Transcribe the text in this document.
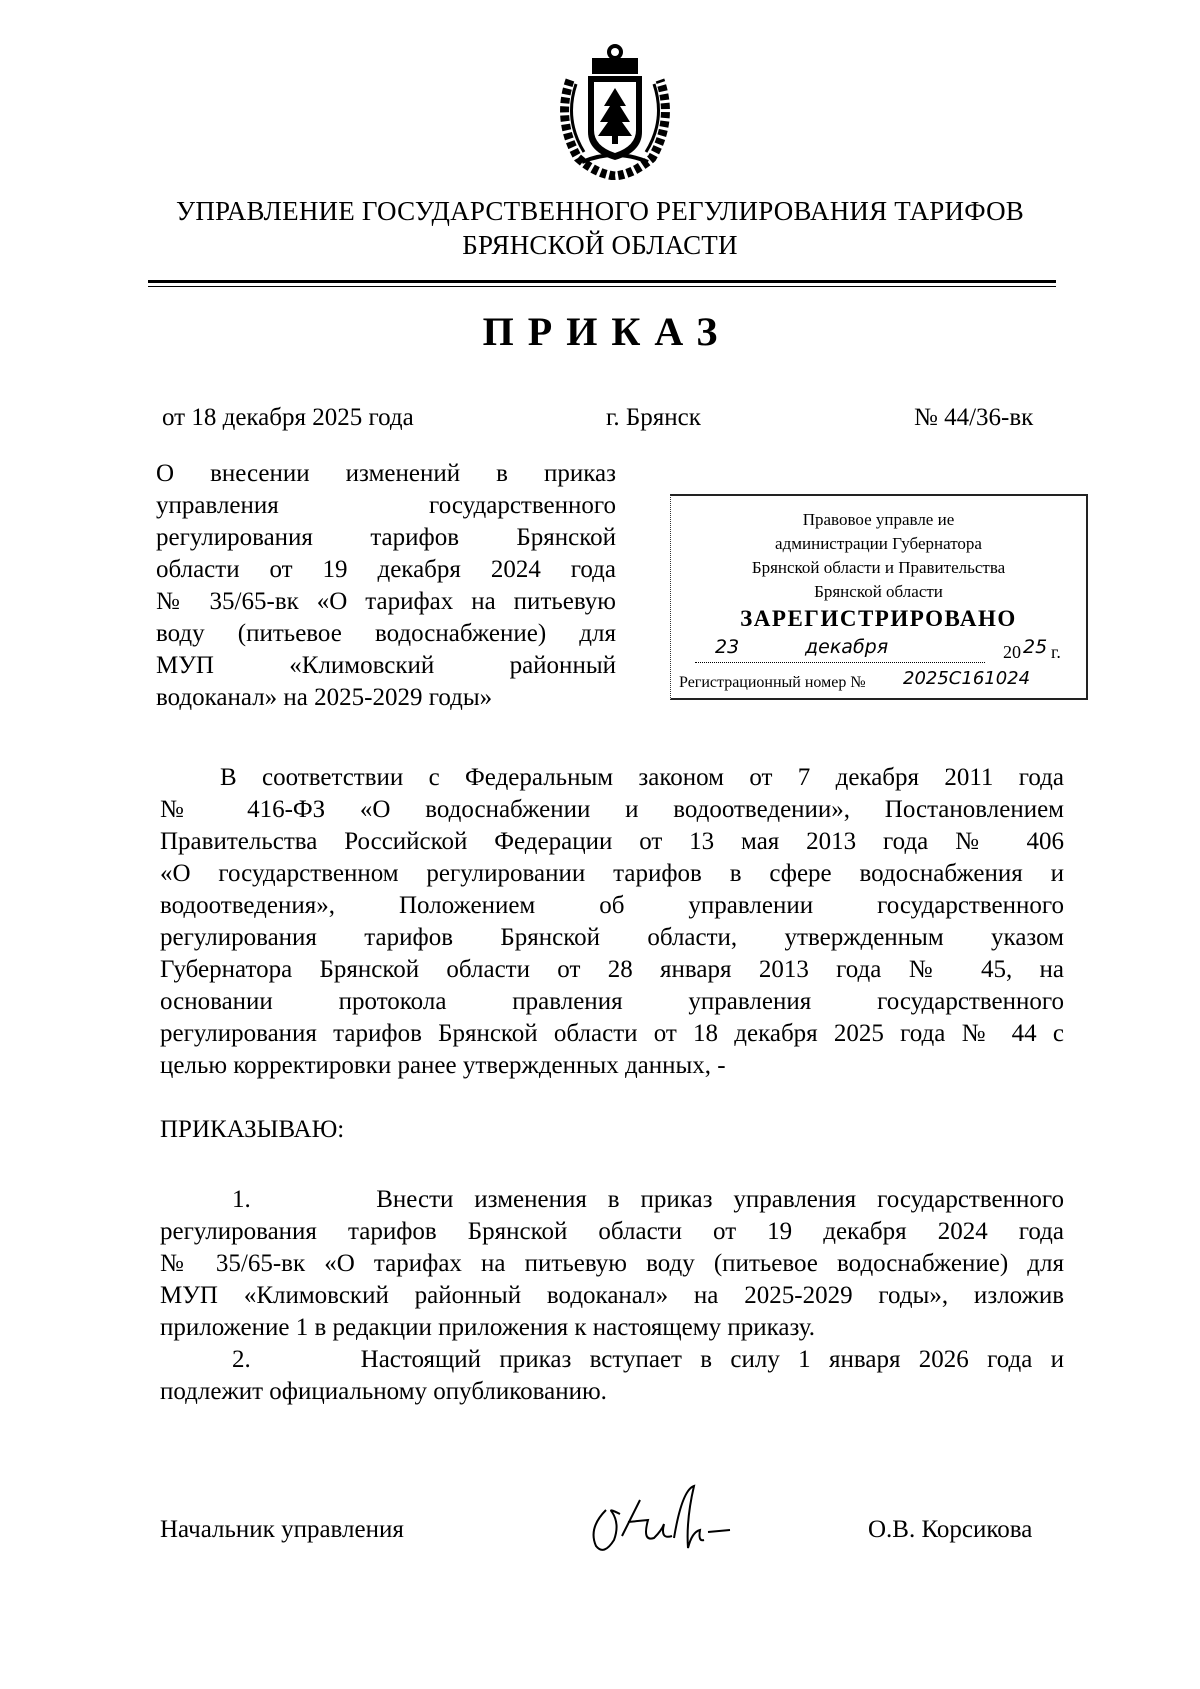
УПРАВЛЕНИЕ ГОСУДАРСТВЕННОГО РЕГУЛИРОВАНИЯ ТАРИФОВ
БРЯНСКОЙ ОБЛАСТИ
ПРИКАЗ
от 18 декабря 2025 года	г. Брянск	№ 44/36-вк
О внесении изменений в приказ
управления государственного
регулирования тарифов Брянской
области от 19 декабря 2024 года
№ 35/65-вк «О тарифах на питьевую
воду (питьевое водоснабжение) для
МУП «Климовский районный
водоканал» на 2025-2029 годы»
Правовое управле ие
администрации Губернатора
Брянской области и Правительства
Брянской области
ЗАРЕГИСТРИРОВАНО
23	декабря	20 25 г.
Регистрационный номер № 2025С161024
В соответствии с Федеральным законом от 7 декабря 2011 года
№ 416-ФЗ «О водоснабжении и водоотведении», Постановлением
Правительства Российской Федерации от 13 мая 2013 года № 406
«О государственном регулировании тарифов в сфере водоснабжения и
водоотведения», Положением об управлении государственного
регулирования тарифов Брянской области, утвержденным указом
Губернатора Брянской области от 28 января 2013 года № 45, на
основании протокола правления управления государственного
регулирования тарифов Брянской области от 18 декабря 2025 года № 44 с
целью корректировки ранее утвержденных данных, -
ПРИКАЗЫВАЮ:
1.      Внести изменения в приказ управления государственного
регулирования тарифов Брянской области от 19 декабря 2024 года
№ 35/65-вк «О тарифах на питьевую воду (питьевое водоснабжение) для
МУП «Климовский районный водоканал» на 2025-2029 годы», изложив
приложение 1 в редакции приложения к настоящему приказу.
2.      Настоящий приказ вступает в силу 1 января 2026 года и
подлежит официальному опубликованию.
Начальник управления	О.В. Корсикова
